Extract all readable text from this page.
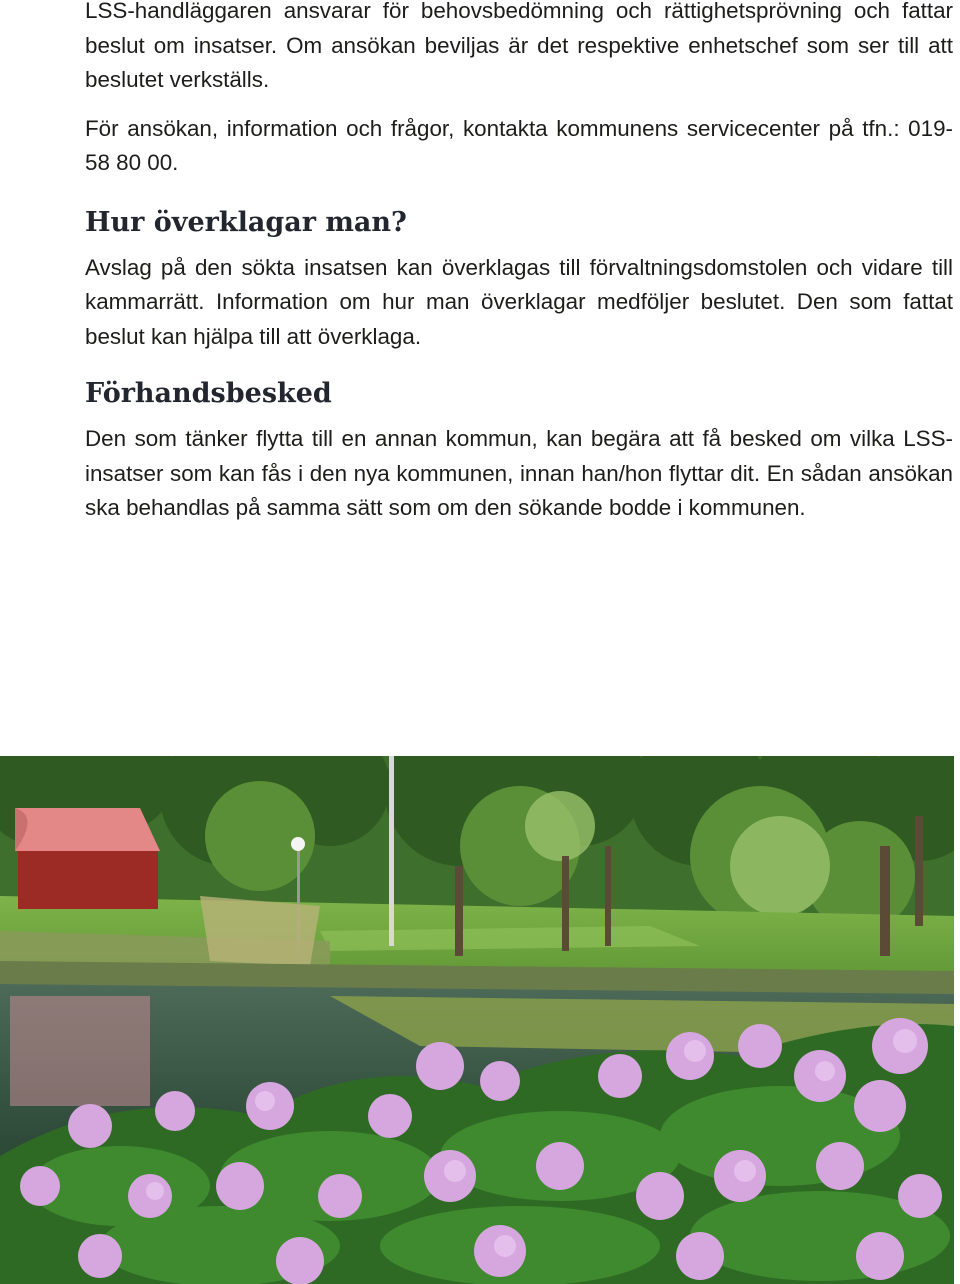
LSS-handläggaren ansvarar för behovsbedömning och rättighetsprövning och fattar beslut om insatser. Om ansökan beviljas är det respektive enhetschef som ser till att beslutet verkställs.

För ansökan, information och frågor, kontakta kommunens servicecenter på tfn.: 019-58 80 00.

Hur överklagar man?

Avslag på den sökta insatsen kan överklagas till förvaltningsdomstolen och vidare till kammarrätt. Information om hur man överklagar medföljer beslutet. Den som fattat beslut kan hjälpa till att överklaga.

Förhandsbesked

Den som tänker flytta till en annan kommun, kan begära att få besked om vilka LSS-insatser som kan fås i den nya kommunen, innan han/hon flyttar dit. En sådan ansökan ska behandlas på samma sätt som om den sökande bodde i kommunen.
